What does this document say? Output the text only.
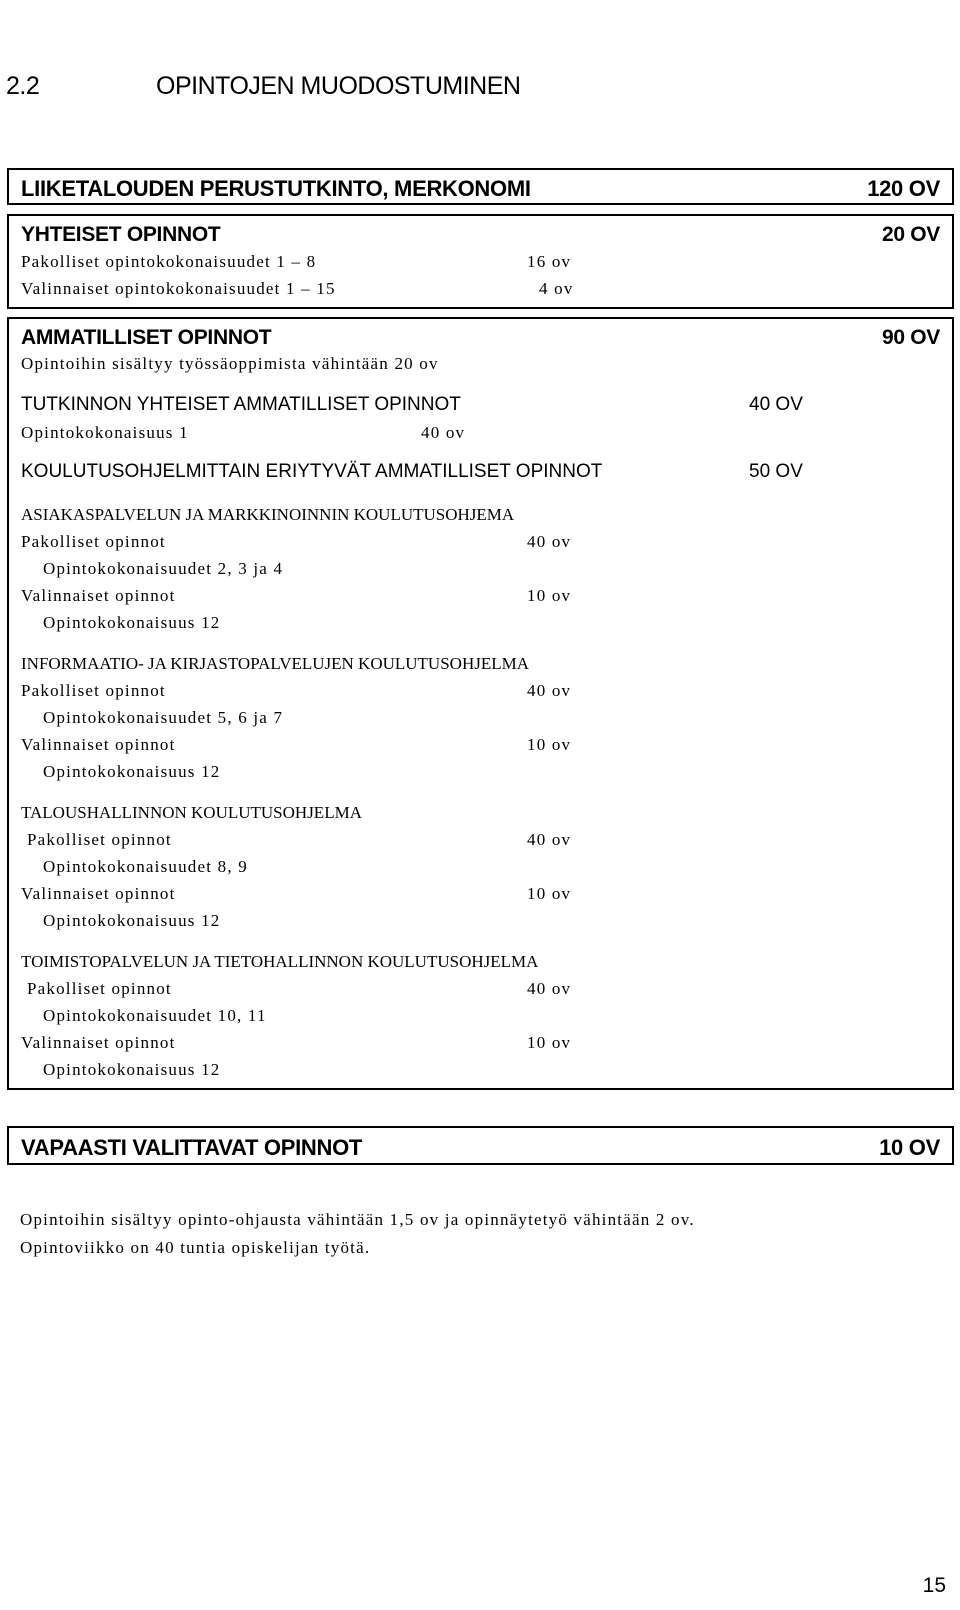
2.2	OPINTOJEN MUODOSTUMINEN
LIIKETALOUDEN PERUSTUTKINTO, MERKONOMI	120 OV
YHTEISET OPINNOT	20 OV
Pakolliset opintokokonaisuudet 1 – 8	16 ov
Valinnaiset opintokokonaisuudet 1 – 15	4 ov
AMMATILLISET OPINNOT	90 OV
Opintoihin sisältyy työssäoppimista vähintään 20 ov
TUTKINNON YHTEISET AMMATILLISET OPINNOT	40 OV
Opintokokonaisuus 1	40 ov
KOULUTUSOHJELMITTAIN ERIYTYVÄT AMMATILLISET OPINNOT	50 OV
ASIAKASPALVELUN JA MARKKINOINNIN KOULUTUSOHJEMA
Pakolliset opinnot	40 ov
Opintokokonaisuudet 2, 3 ja 4
Valinnaiset opinnot	10 ov
Opintokokonaisuus 12
INFORMAATIO- JA KIRJASTOPALVELUJEN KOULUTUSOHJELMA
Pakolliset opinnot	40 ov
Opintokokonaisuudet 5, 6 ja 7
Valinnaiset opinnot	10 ov
Opintokokonaisuus 12
TALOUSHALLINNON KOULUTUSOHJELMA
Pakolliset opinnot	40 ov
Opintokokonaisuudet 8, 9
Valinnaiset opinnot	10 ov
Opintokokonaisuus 12
TOIMISTOPALVELUN JA TIETOHALLINNON KOULUTUSOHJELMA
Pakolliset opinnot	40 ov
Opintokokonaisuudet 10, 11
Valinnaiset opinnot	10 ov
Opintokokonaisuus 12
VAPAASTI VALITTAVAT OPINNOT	10 OV
Opintoihin sisältyy opinto-ohjausta vähintään 1,5 ov ja opinnäytetyö vähintään 2 ov.
Opintoviikko on 40 tuntia opiskelijan työtä.
15
